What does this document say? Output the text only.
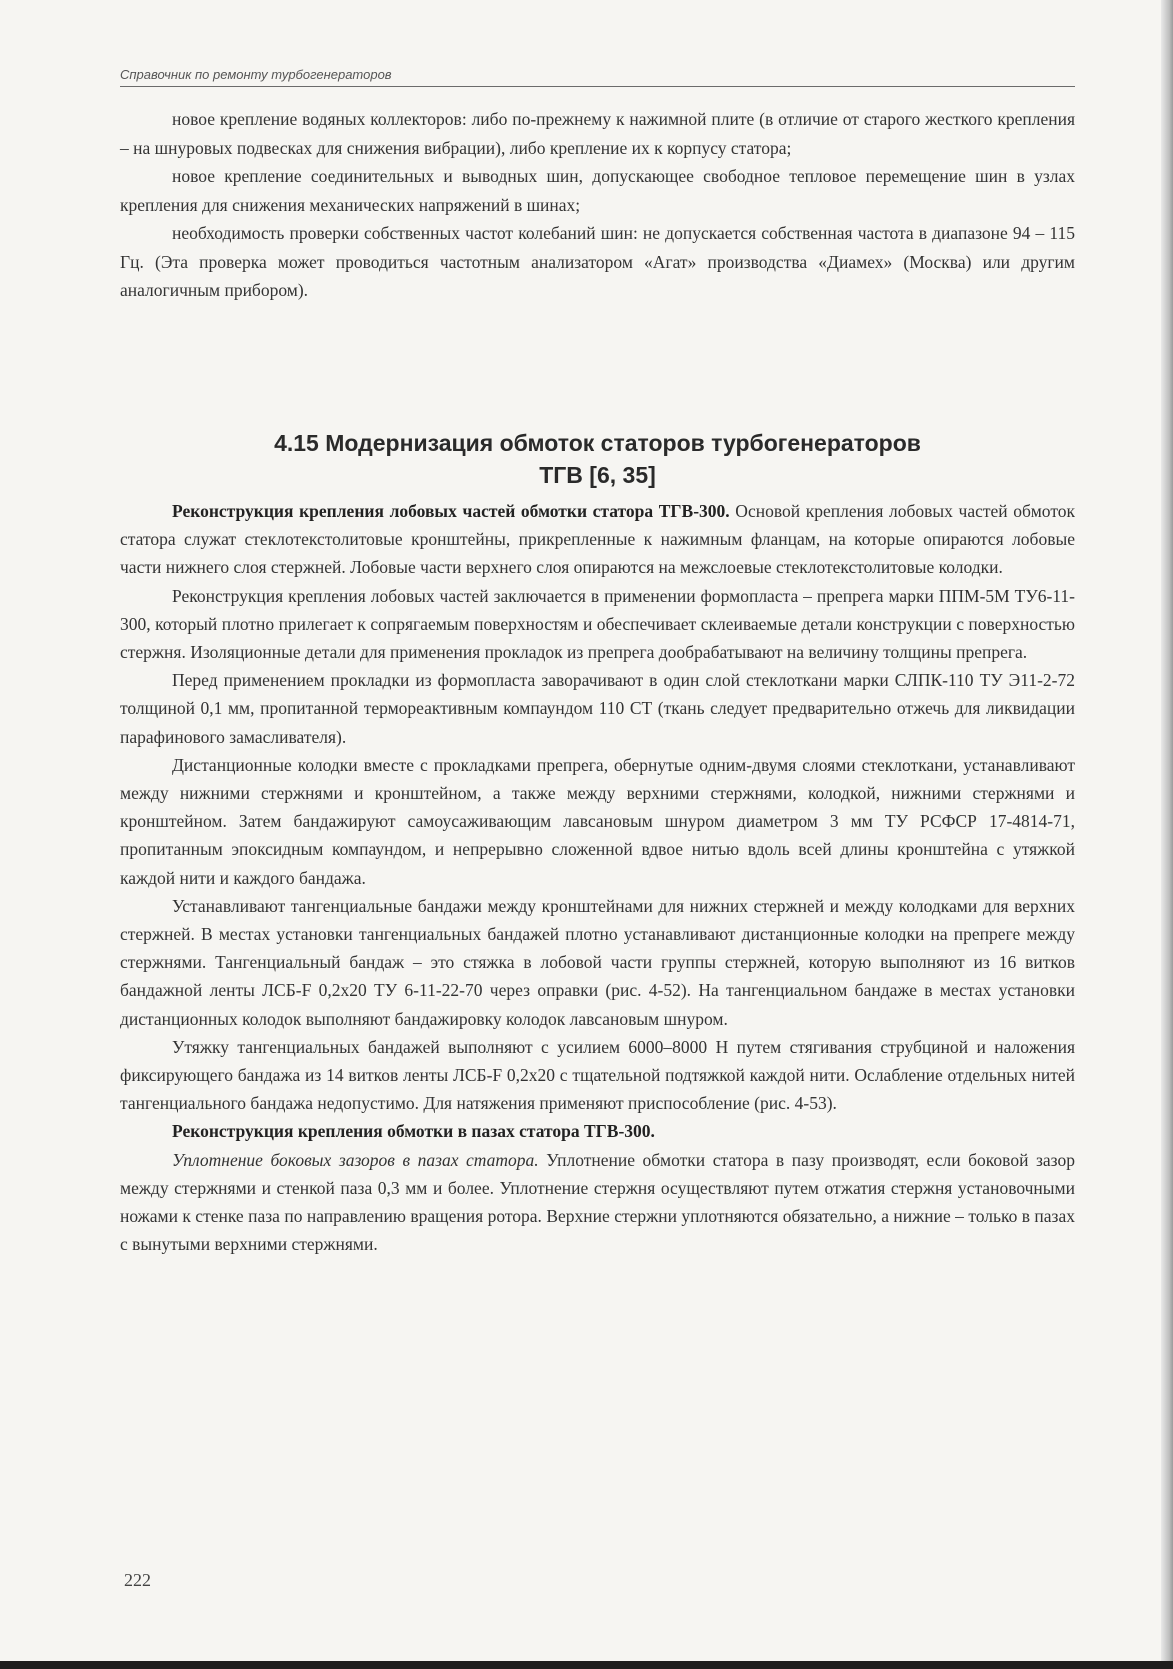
Справочник по ремонту турбогенераторов

новое крепление водяных коллекторов: либо по-прежнему к нажимной плите (в отличие от старого жесткого крепления – на шнуровых подвесках для снижения вибрации), либо крепление их к корпусу статора;

новое крепление соединительных и выводных шин, допускающее свободное тепловое перемещение шин в узлах крепления для снижения механических напряжений в шинах;

необходимость проверки собственных частот колебаний шин: не допускается собственная частота в диапазоне 94 – 115 Гц. (Эта проверка может проводиться частотным анализатором «Агат» производства «Диамех» (Москва) или другим аналогичным прибором).

4.15 Модернизация обмоток статоров турбогенераторов
ТГВ [6, 35]

Реконструкция крепления лобовых частей обмотки статора ТГВ-300. Основой крепления лобовых частей обмоток статора служат стеклотекстолитовые кронштейны, прикрепленные к нажимным фланцам, на которые опираются лобовые части нижнего слоя стержней. Лобовые части верхнего слоя опираются на межслоевые стеклотекстолитовые колодки.

Реконструкция крепления лобовых частей заключается в применении формопласта – препрега марки ППМ-5М ТУ6-11-300, который плотно прилегает к сопрягаемым поверхностям и обеспечивает склеиваемые детали конструкции с поверхностью стержня. Изоляционные детали для применения прокладок из препрега дообрабатывают на величину толщины препрега.

Перед применением прокладки из формопласта заворачивают в один слой стеклоткани марки СЛПК-110 ТУ Э11-2-72 толщиной 0,1 мм, пропитанной термореактивным компаундом 110 СТ (ткань следует предварительно отжечь для ликвидации парафинового замасливателя).

Дистанционные колодки вместе с прокладками препрега, обернутые одним-двумя слоями стеклоткани, устанавливают между нижними стержнями и кронштейном, а также между верхними стержнями, колодкой, нижними стержнями и кронштейном. Затем бандажируют самоусаживающим лавсановым шнуром диаметром 3 мм ТУ РСФСР 17-4814-71, пропитанным эпоксидным компаундом, и непрерывно сложенной вдвое нитью вдоль всей длины кронштейна с утяжкой каждой нити и каждого бандажа.

Устанавливают тангенциальные бандажи между кронштейнами для нижних стержней и между колодками для верхних стержней. В местах установки тангенциальных бандажей плотно устанавливают дистанционные колодки на препреге между стержнями. Тангенциальный бандаж – это стяжка в лобовой части группы стержней, которую выполняют из 16 витков бандажной ленты ЛСБ-F 0,2х20 ТУ 6-11-22-70 через оправки (рис. 4-52). На тангенциальном бандаже в местах установки дистанционных колодок выполняют бандажировку колодок лавсановым шнуром.

Утяжку тангенциальных бандажей выполняют с усилием 6000–8000 Н путем стягивания струбциной и наложения фиксирующего бандажа из 14 витков ленты ЛСБ-F 0,2х20 с тщательной подтяжкой каждой нити. Ослабление отдельных нитей тангенциального бандажа недопустимо. Для натяжения применяют приспособление (рис. 4-53).

Реконструкция крепления обмотки в пазах статора ТГВ-300.

Уплотнение боковых зазоров в пазах статора. Уплотнение обмотки статора в пазу производят, если боковой зазор между стержнями и стенкой паза 0,3 мм и более. Уплотнение стержня осуществляют путем отжатия стержня установочными ножами к стенке паза по направлению вращения ротора. Верхние стержни уплотняются обязательно, а нижние – только в пазах с вынутыми верхними стержнями.

222
